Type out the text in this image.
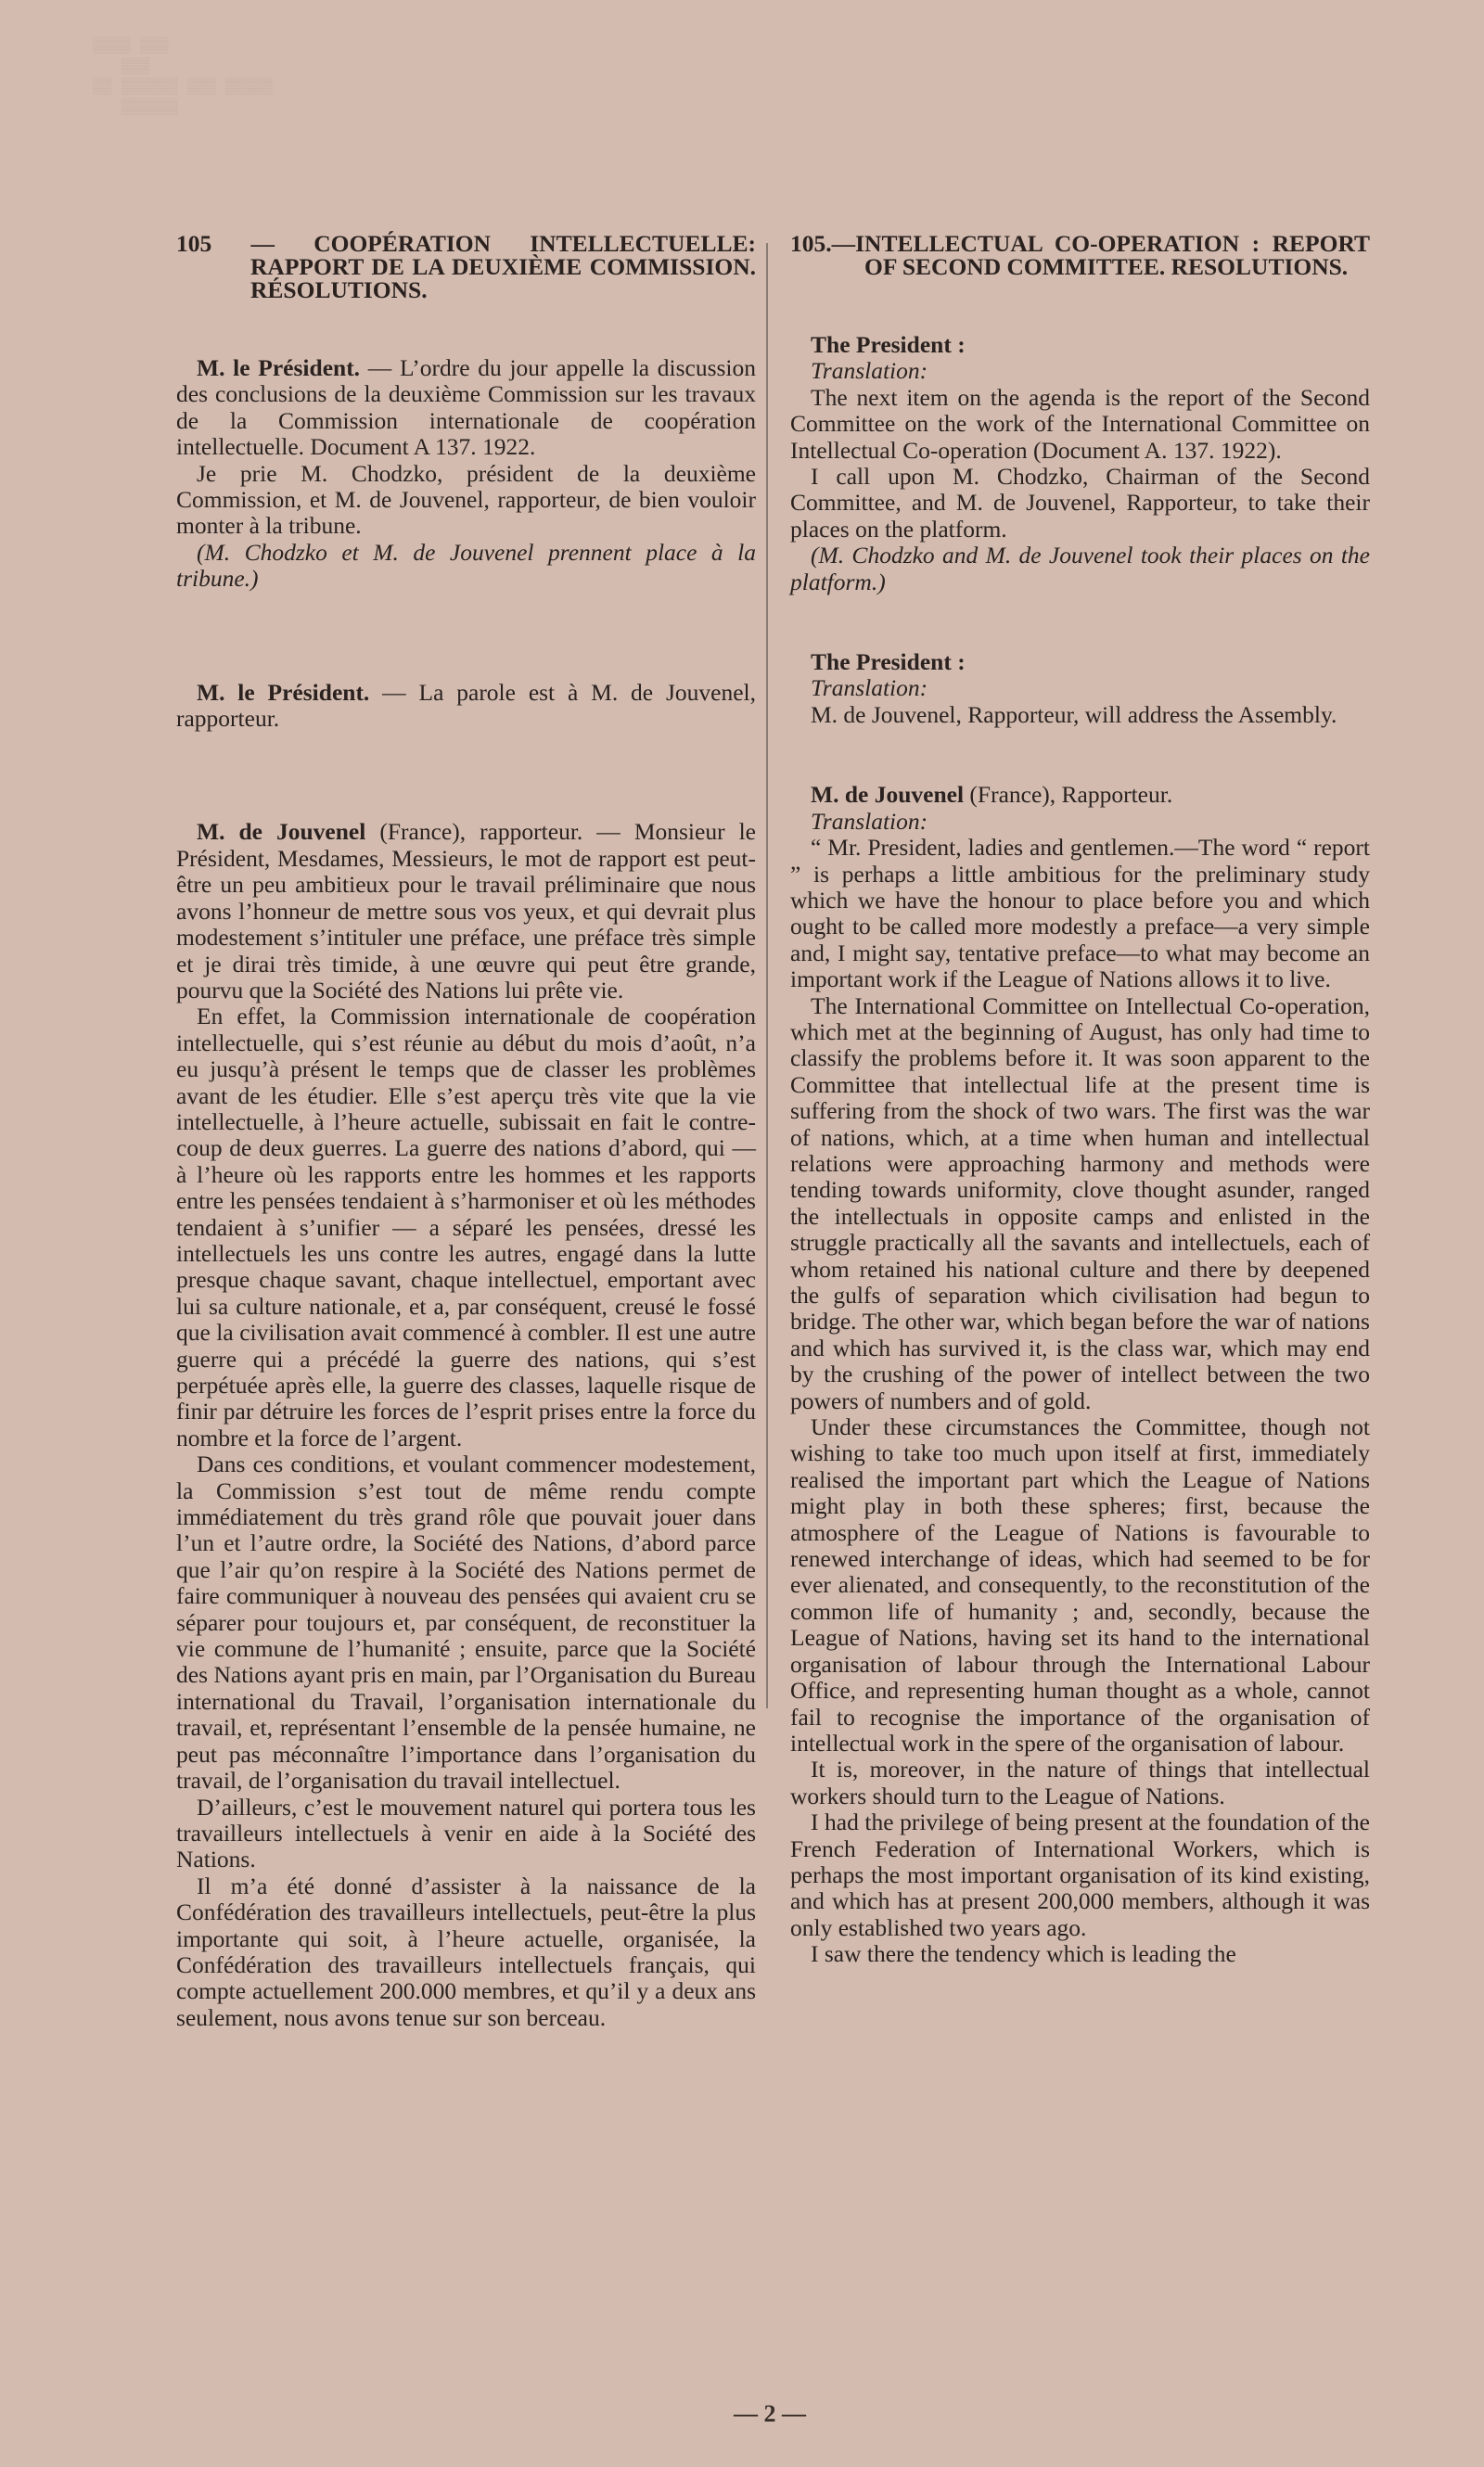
▒▒▒▒ ▒▒▒
▒▒▒
▒▒ ▒▒▒▒▒▒ ▒▒▒ ▒▒▒▒▒
▒▒▒▒▒▒
105 — COOPÉRATION INTELLECTUELLE: RAPPORT DE LA DEUXIÈME COMMISSION. RÉSOLUTIONS.

M. le Président. — L’ordre du jour appelle la discussion des conclusions de la deuxième Commission sur les travaux de la Commission internationale de coopération intellectuelle. Document A 137. 1922.

Je prie M. Chodzko, président de la deuxième Commission, et M. de Jouvenel, rapporteur, de bien vouloir monter à la tribune.

(M. Chodzko et M. de Jouvenel prennent place à la tribune.)

M. le Président. — La parole est à M. de Jouvenel, rapporteur.

M. de Jouvenel (France), rapporteur. — Monsieur le Président, Mesdames, Messieurs, le mot de rapport est peut-être un peu ambitieux pour le travail préliminaire que nous avons l’honneur de mettre sous vos yeux, et qui devrait plus modestement s’intituler une préface, une préface très simple et je dirai très timide, à une œuvre qui peut être grande, pourvu que la Société des Nations lui prête vie.

En effet, la Commission internationale de coopération intellectuelle, qui s’est réunie au début du mois d’août, n’a eu jusqu’à présent le temps que de classer les problèmes avant de les étudier. Elle s’est aperçu très vite que la vie intellectuelle, à l’heure actuelle, subissait en fait le contre-coup de deux guerres. La guerre des nations d’abord, qui — à l’heure où les rapports entre les hommes et les rapports entre les pensées tendaient à s’harmoniser et où les méthodes tendaient à s’unifier — a séparé les pensées, dressé les intellectuels les uns contre les autres, engagé dans la lutte presque chaque savant, chaque intellectuel, emportant avec lui sa culture nationale, et a, par conséquent, creusé le fossé que la civilisation avait commencé à combler. Il est une autre guerre qui a précédé la guerre des nations, qui s’est perpétuée après elle, la guerre des classes, laquelle risque de finir par détruire les forces de l’esprit prises entre la force du nombre et la force de l’argent.

Dans ces conditions, et voulant commencer modestement, la Commission s’est tout de même rendu compte immédiatement du très grand rôle que pouvait jouer dans l’un et l’autre ordre, la Société des Nations, d’abord parce que l’air qu’on respire à la Société des Nations permet de faire communiquer à nouveau des pensées qui avaient cru se séparer pour toujours et, par conséquent, de reconstituer la vie commune de l’humanité ; ensuite, parce que la Société des Nations ayant pris en main, par l’Organisation du Bureau international du Travail, l’organisation internationale du travail, et, représentant l’ensemble de la pensée humaine, ne peut pas méconnaître l’importance dans l’organisation du travail, de l’organisation du travail intellectuel.

D’ailleurs, c’est le mouvement naturel qui portera tous les travailleurs intellectuels à venir en aide à la Société des Nations.

Il m’a été donné d’assister à la naissance de la Confédération des travailleurs intellectuels, peut-être la plus importante qui soit, à l’heure actuelle, organisée, la Confédération des travailleurs intellectuels français, qui compte actuellement 200.000 membres, et qu’il y a deux ans seulement, nous avons tenue sur son berceau.

105.—INTELLECTUAL CO-OPERATION : REPORT OF SECOND COMMITTEE. RESOLUTIONS.

The President :

Translation:

The next item on the agenda is the report of the Second Committee on the work of the International Committee on Intellectual Co-operation (Document A. 137. 1922).

I call upon M. Chodzko, Chairman of the Second Committee, and M. de Jouvenel, Rapporteur, to take their places on the platform.

(M. Chodzko and M. de Jouvenel took their places on the platform.)

The President :

Translation:

M. de Jouvenel, Rapporteur, will address the Assembly.

M. de Jouvenel (France), Rapporteur.

Translation:

“ Mr. President, ladies and gentlemen.—The word “ report ” is perhaps a little ambitious for the preliminary study which we have the honour to place before you and which ought to be called more modestly a preface—a very simple and, I might say, tentative preface—to what may become an important work if the League of Nations allows it to live.

The International Committee on Intellectual Co-operation, which met at the beginning of August, has only had time to classify the problems before it. It was soon apparent to the Committee that intellectual life at the present time is suffering from the shock of two wars. The first was the war of nations, which, at a time when human and intellectual relations were approaching harmony and methods were tending towards uniformity, clove thought asunder, ranged the intellectuals in opposite camps and enlisted in the struggle practically all the savants and intellectuels, each of whom retained his national culture and there by deepened the gulfs of separation which civilisation had begun to bridge. The other war, which began before the war of nations and which has survived it, is the class war, which may end by the crushing of the power of intellect between the two powers of numbers and of gold.

Under these circumstances the Committee, though not wishing to take too much upon itself at first, immediately realised the important part which the League of Nations might play in both these spheres; first, because the atmosphere of the League of Nations is favourable to renewed interchange of ideas, which had seemed to be for ever alienated, and consequently, to the reconstitution of the common life of humanity ; and, secondly, because the League of Nations, having set its hand to the international organisation of labour through the International Labour Office, and representing human thought as a whole, cannot fail to recognise the importance of the organisation of intellectual work in the spere of the organisation of labour.

It is, moreover, in the nature of things that intellectual workers should turn to the League of Nations.

I had the privilege of being present at the foundation of the French Federation of International Workers, which is perhaps the most important organisation of its kind existing, and which has at present 200,000 members, although it was only established two years ago.

I saw there the tendency which is leading the

— 2 —
